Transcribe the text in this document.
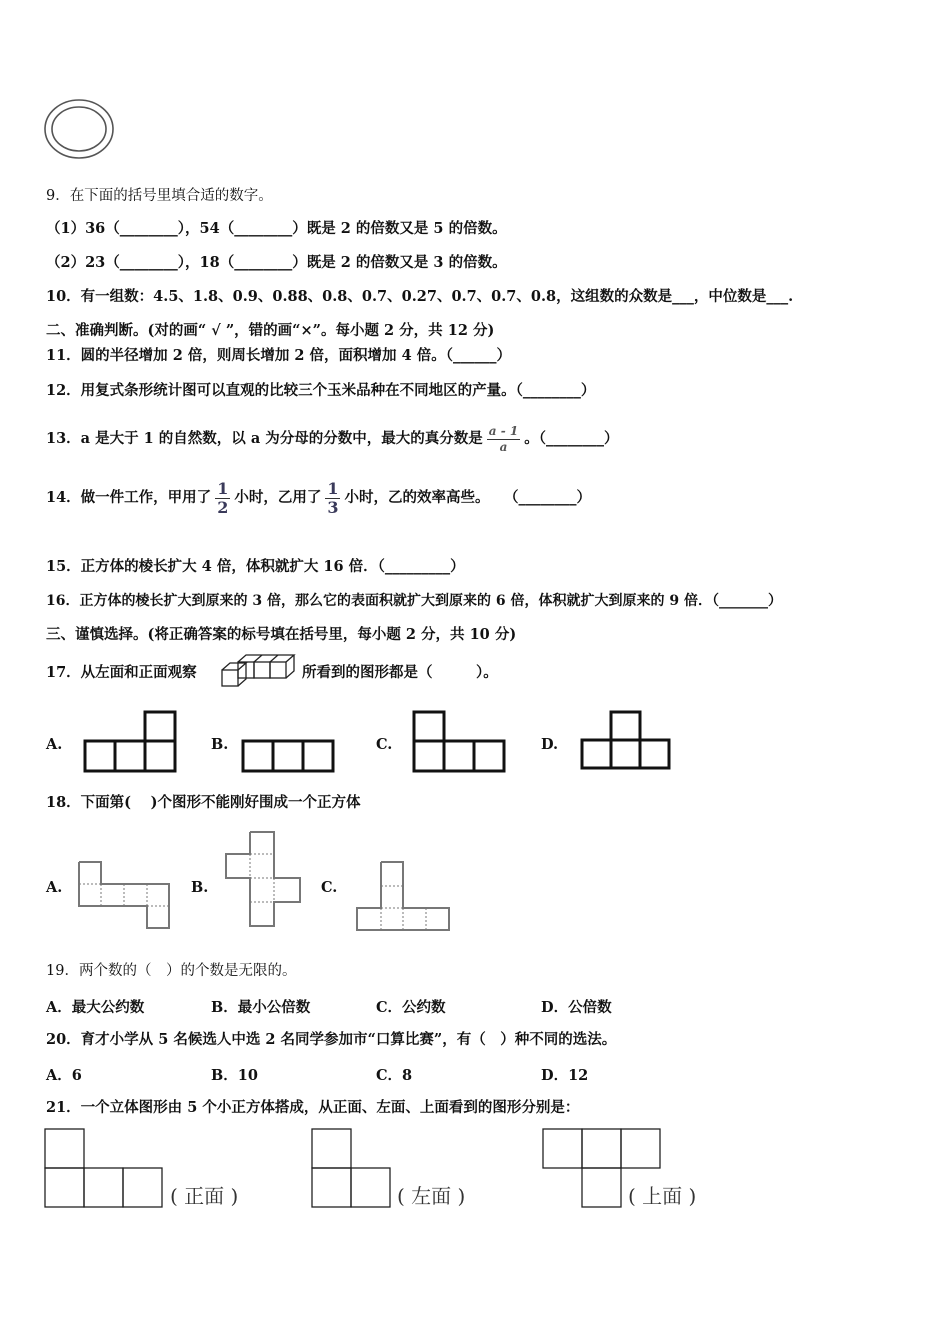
9．在下面的括号里填合适的数字。
（1）36（________），54（________）既是 2 的倍数又是 5 的倍数。
（2）23（________），18（________）既是 2 的倍数又是 3 的倍数。
10．有一组数：4.5、1.8、0.9、0.88、0.8、0.7、0.27、0.7、0.7、0.8，这组数的众数是___，中位数是___.
二、准确判断。(对的画“ √ ”，错的画“×”。每小题 2 分，共 12 分)
11．圆的半径增加 2 倍，则周长增加 2 倍，面积增加 4 倍。（______）
12．用复式条形统计图可以直观的比较三个玉米品种在不同地区的产量。（________）
13．a 是大于 1 的自然数，以 a 为分母的分数中，最大的真分数是 $\frac{a - 1}{a}$ 。（________）
14．做一件工作，甲用了 $\frac{1}{2}$ 小时，乙用了 $\frac{1}{3}$ 小时，乙的效率高些。　　（________）
15．正方体的棱长扩大 4 倍，体积就扩大 16 倍．（_________）
16．正方体的棱长扩大到原来的 3 倍，那么它的表面积就扩大到原来的 6 倍，体积就扩大到原来的 9 倍．（_______）
三、谨慎选择。(将正确答案的标号填在括号里，每小题 2 分，共 10 分)
17．从左面和正面观察	所看到的图形都是（　　　）。
A.	B.	C.	D.
18．下面第(　 )个图形不能刚好围成一个正方体
A.	B.	C.
19．两个数的（　）的个数是无限的。
A．最大公约数	B．最小公倍数	C．公约数	D．公倍数
20．育才小学从 5 名候选人中选 2 名同学参加市“口算比赛”，有（　）种不同的选法。
A．6	B．10	C．8	D．12
21．一个立体图形由 5 个小正方体搭成，从正面、左面、上面看到的图形分别是：
( 正面 )	( 左面 )	( 上面 )
